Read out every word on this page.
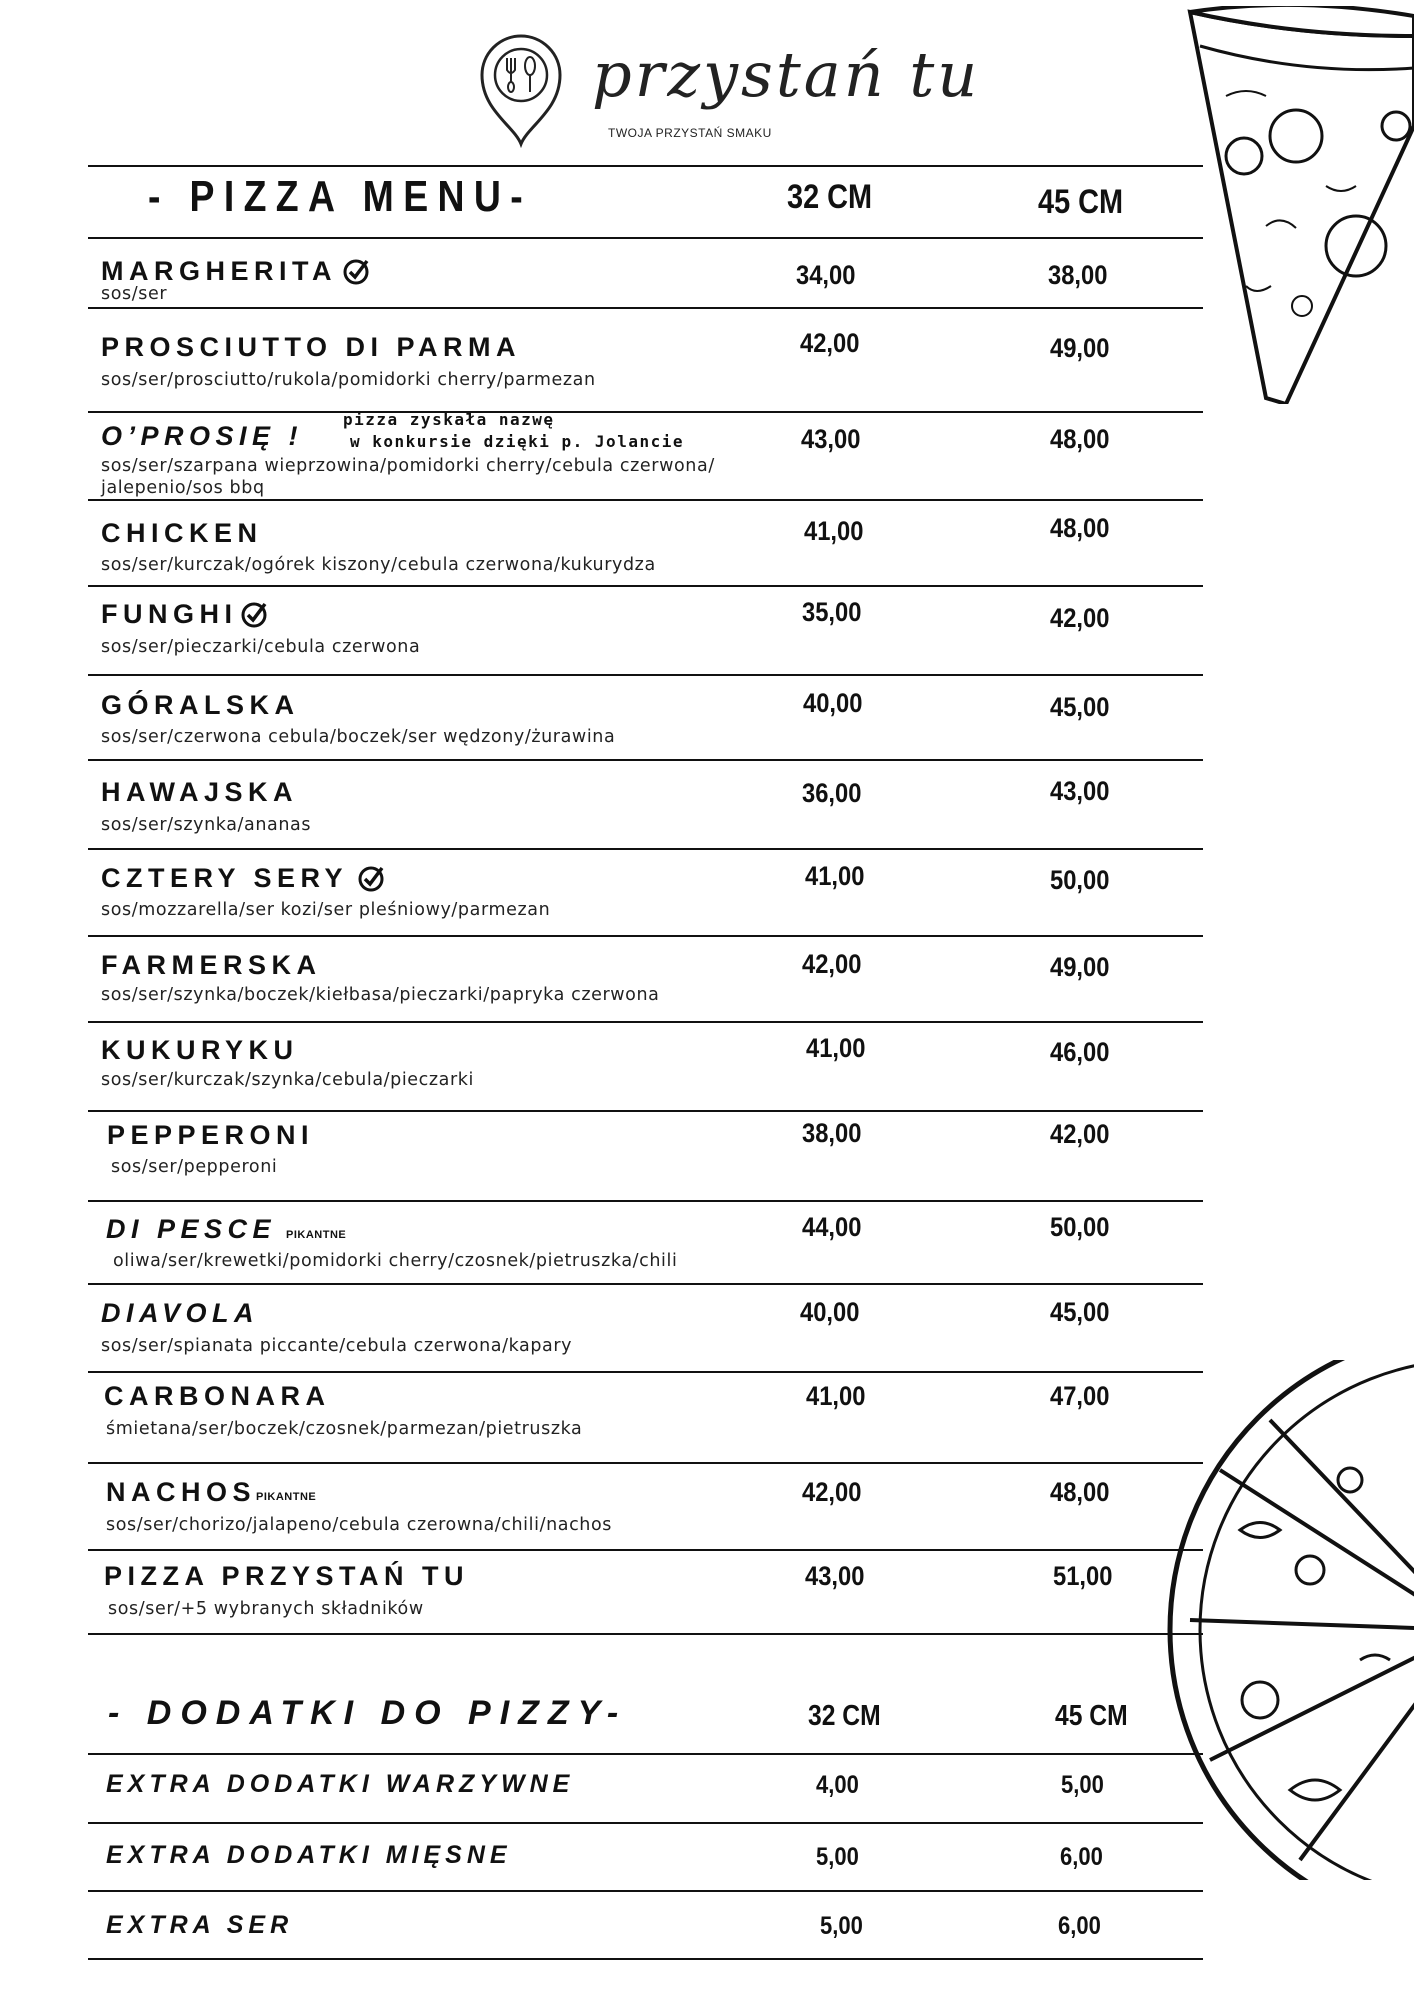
przystań tu
TWOJA PRZYSTAŃ SMAKU
- PIZZA MENU-	32 CM	45 CM
MARGHERITA
sos/ser
34,00	38,00
PROSCIUTTO DI PARMA
sos/ser/prosciutto/rukola/pomidorki cherry/parmezan
42,00	49,00
O’PROSIĘ !
pizza zyskała nazwę
w konkursie dzięki p. Jolancie
sos/ser/szarpana wieprzowina/pomidorki cherry/cebula czerwona/
jalepenio/sos bbq
43,00	48,00
CHICKEN
sos/ser/kurczak/ogórek kiszony/cebula czerwona/kukurydza
41,00	48,00
FUNGHI
sos/ser/pieczarki/cebula czerwona
35,00	42,00
GÓRALSKA
sos/ser/czerwona cebula/boczek/ser wędzony/żurawina
40,00	45,00
HAWAJSKA
sos/ser/szynka/ananas
36,00	43,00
CZTERY SERY
sos/mozzarella/ser kozi/ser pleśniowy/parmezan
41,00	50,00
FARMERSKA
sos/ser/szynka/boczek/kiełbasa/pieczarki/papryka czerwona
42,00	49,00
KUKURYKU
sos/ser/kurczak/szynka/cebula/pieczarki
41,00	46,00
PEPPERONI
sos/ser/pepperoni
38,00	42,00
DI PESCE PIKANTNE
oliwa/ser/krewetki/pomidorki cherry/czosnek/pietruszka/chili
44,00	50,00
DIAVOLA
sos/ser/spianata piccante/cebula czerwona/kapary
40,00	45,00
CARBONARA
śmietana/ser/boczek/czosnek/parmezan/pietruszka
41,00	47,00
NACHOS PIKANTNE
sos/ser/chorizo/jalapeno/cebula czerowna/chili/nachos
42,00	48,00
PIZZA PRZYSTAŃ TU
sos/ser/+5 wybranych składników
43,00	51,00
- DODATKI DO PIZZY-	32 CM	45 CM
EXTRA DODATKI WARZYWNE	4,00	5,00
EXTRA DODATKI MIĘSNE	5,00	6,00
EXTRA SER	5,00	6,00
